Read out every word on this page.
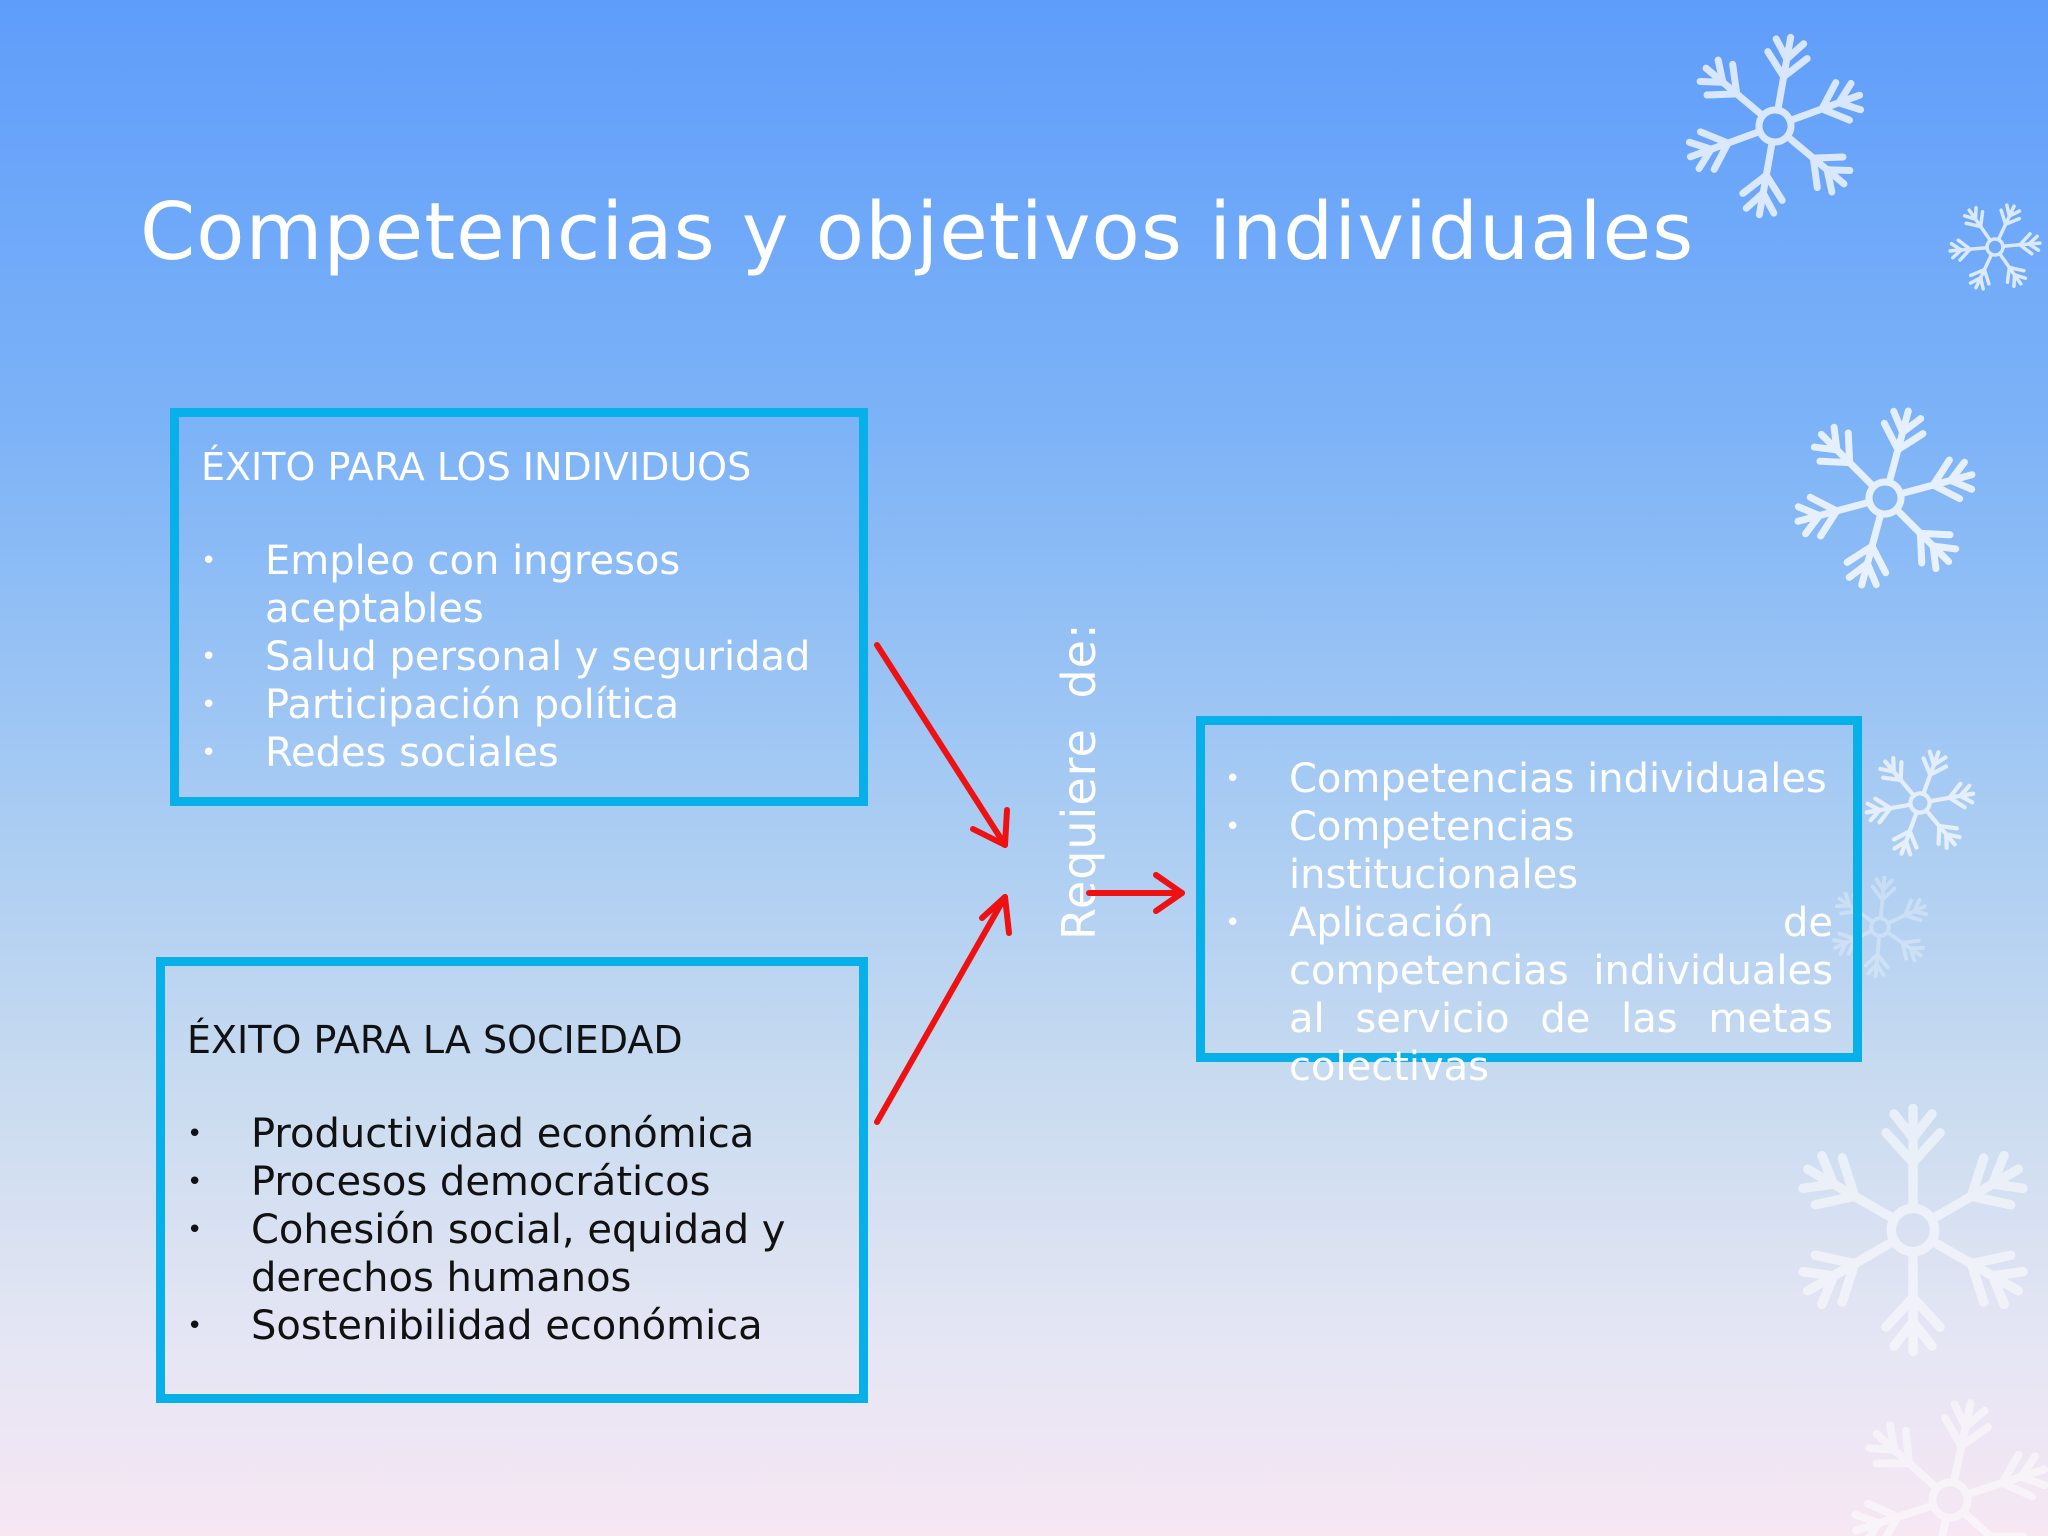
Competencias y objetivos individuales
ÉXITO PARA LOS INDIVIDUOS
• Empleo con ingresos aceptables
• Salud personal y seguridad
• Participación política
• Redes sociales
ÉXITO PARA LA SOCIEDAD
• Productividad económica
• Procesos democráticos
• Cohesión social, equidad y derechos humanos
• Sostenibilidad económica
Requiere de:	• Competencias individuales
• Competencias institucionales
• Aplicación de competencias individuales al servicio de las metas colectivas
